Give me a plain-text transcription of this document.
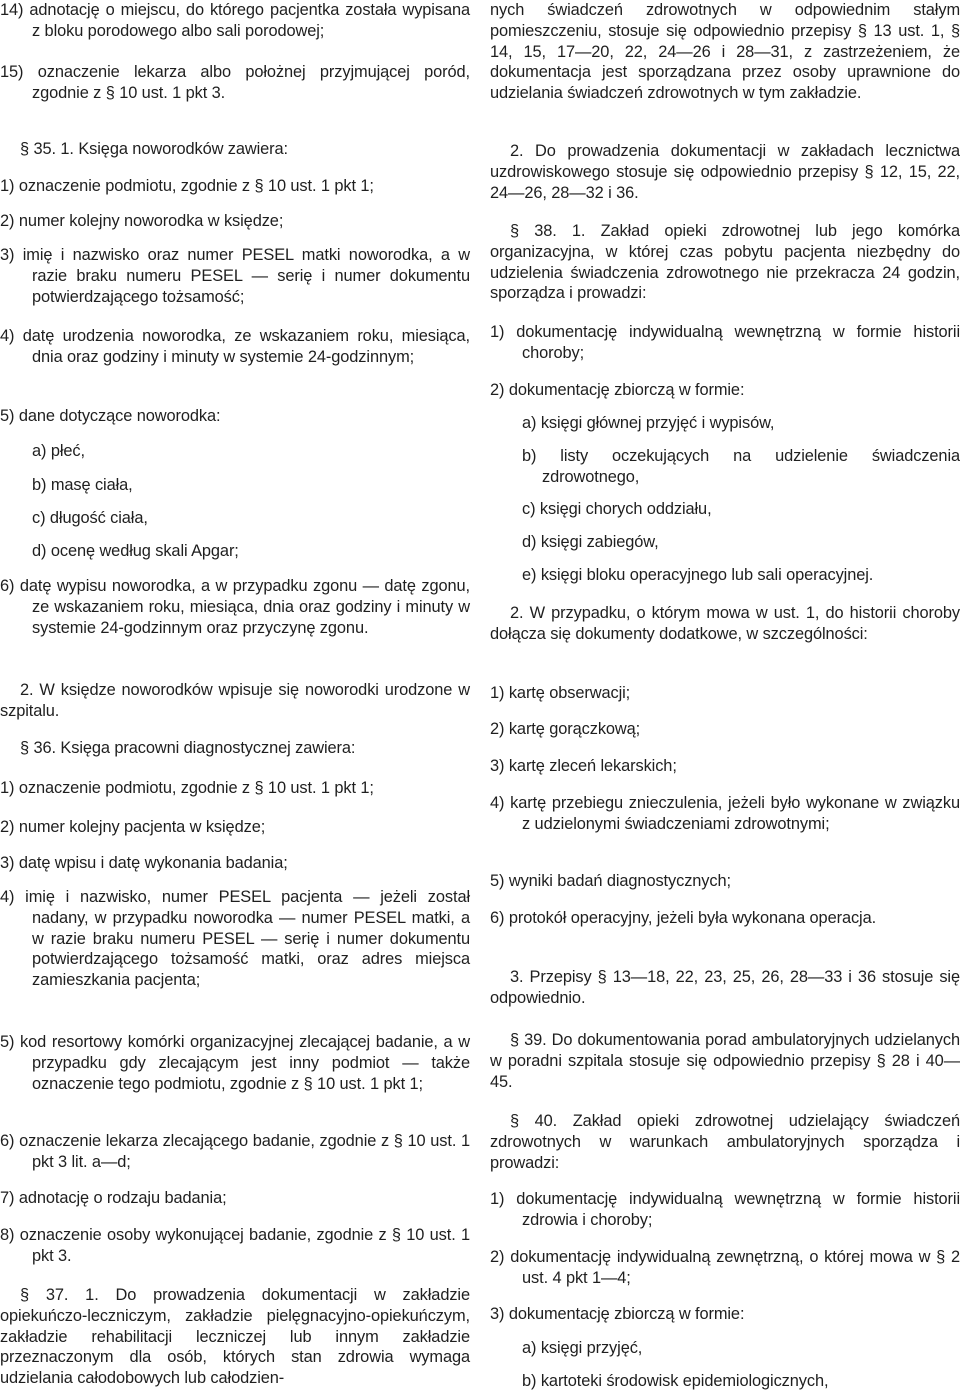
14) adnotację o miejscu, do którego pacjentka została wypisana z bloku porodowego albo sali porodowej;

15) oznaczenie lekarza albo położnej przyjmującej poród, zgodnie z § 10 ust. 1 pkt 3.

§ 35. 1. Księga noworodków zawiera:

1) oznaczenie podmiotu, zgodnie z § 10 ust. 1 pkt 1;

2) numer kolejny noworodka w księdze;

3) imię i nazwisko oraz numer PESEL matki noworodka, a w razie braku numeru PESEL — serię i numer dokumentu potwierdzającego tożsamość;

4) datę urodzenia noworodka, ze wskazaniem roku, miesiąca, dnia oraz godziny i minuty w systemie 24-godzinnym;

5) dane dotyczące noworodka:

a) płeć,

b) masę ciała,

c) długość ciała,

d) ocenę według skali Apgar;

6) datę wypisu noworodka, a w przypadku zgonu — datę zgonu, ze wskazaniem roku, miesiąca, dnia oraz godziny i minuty w systemie 24-godzinnym oraz przyczynę zgonu.

2. W księdze noworodków wpisuje się noworodki urodzone w szpitalu.

§ 36. Księga pracowni diagnostycznej zawiera:

1) oznaczenie podmiotu, zgodnie z § 10 ust. 1 pkt 1;

2) numer kolejny pacjenta w księdze;

3) datę wpisu i datę wykonania badania;

4) imię i nazwisko, numer PESEL pacjenta — jeżeli został nadany, w przypadku noworodka — numer PESEL matki, a w razie braku numeru PESEL — serię i numer dokumentu potwierdzającego tożsamość matki, oraz adres miejsca zamieszkania pacjenta;

5) kod resortowy komórki organizacyjnej zlecającej badanie, a w przypadku gdy zlecającym jest inny podmiot — także oznaczenie tego podmiotu, zgodnie z § 10 ust. 1 pkt 1;

6) oznaczenie lekarza zlecającego badanie, zgodnie z § 10 ust. 1 pkt 3 lit. a—d;

7) adnotację o rodzaju badania;

8) oznaczenie osoby wykonującej badanie, zgodnie z § 10 ust. 1 pkt 3.

§ 37. 1. Do prowadzenia dokumentacji w zakładzie opiekuńczo-leczniczym, zakładzie pielęgnacyjno-opiekuńczym, zakładzie rehabilitacji leczniczej lub innym zakładzie przeznaczonym dla osób, których stan zdrowia wymaga udzielania całodobowych lub całodzien-

nych świadczeń zdrowotnych w odpowiednim stałym pomieszczeniu, stosuje się odpowiednio przepisy § 13 ust. 1, § 14, 15, 17—20, 22, 24—26 i 28—31, z zastrzeżeniem, że dokumentacja jest sporządzana przez osoby uprawnione do udzielania świadczeń zdrowotnych w tym zakładzie.

2. Do prowadzenia dokumentacji w zakładach lecznictwa uzdrowiskowego stosuje się odpowiednio przepisy § 12, 15, 22, 24—26, 28—32 i 36.

§ 38. 1. Zakład opieki zdrowotnej lub jego komórka organizacyjna, w której czas pobytu pacjenta niezbędny do udzielenia świadczenia zdrowotnego nie przekracza 24 godzin, sporządza i prowadzi:

1) dokumentację indywidualną wewnętrzną w formie historii choroby;

2) dokumentację zbiorczą w formie:

a) księgi głównej przyjęć i wypisów,

b) listy oczekujących na udzielenie świadczenia zdrowotnego,

c) księgi chorych oddziału,

d) księgi zabiegów,

e) księgi bloku operacyjnego lub sali operacyjnej.

2. W przypadku, o którym mowa w ust. 1, do historii choroby dołącza się dokumenty dodatkowe, w szczególności:

1) kartę obserwacji;

2) kartę gorączkową;

3) kartę zleceń lekarskich;

4) kartę przebiegu znieczulenia, jeżeli było wykonane w związku z udzielonymi świadczeniami zdrowotnymi;

5) wyniki badań diagnostycznych;

6) protokół operacyjny, jeżeli była wykonana operacja.

3. Przepisy § 13—18, 22, 23, 25, 26, 28—33 i 36 stosuje się odpowiednio.

§ 39. Do dokumentowania porad ambulatoryjnych udzielanych w poradni szpitala stosuje się odpowiednio przepisy § 28 i 40—45.

§ 40. Zakład opieki zdrowotnej udzielający świadczeń zdrowotnych w warunkach ambulatoryjnych sporządza i prowadzi:

1) dokumentację indywidualną wewnętrzną w formie historii zdrowia i choroby;

2) dokumentację indywidualną zewnętrzną, o której mowa w § 2 ust. 4 pkt 1—4;

3) dokumentację zbiorczą w formie:

a) księgi przyjęć,

b) kartoteki środowisk epidemiologicznych,
